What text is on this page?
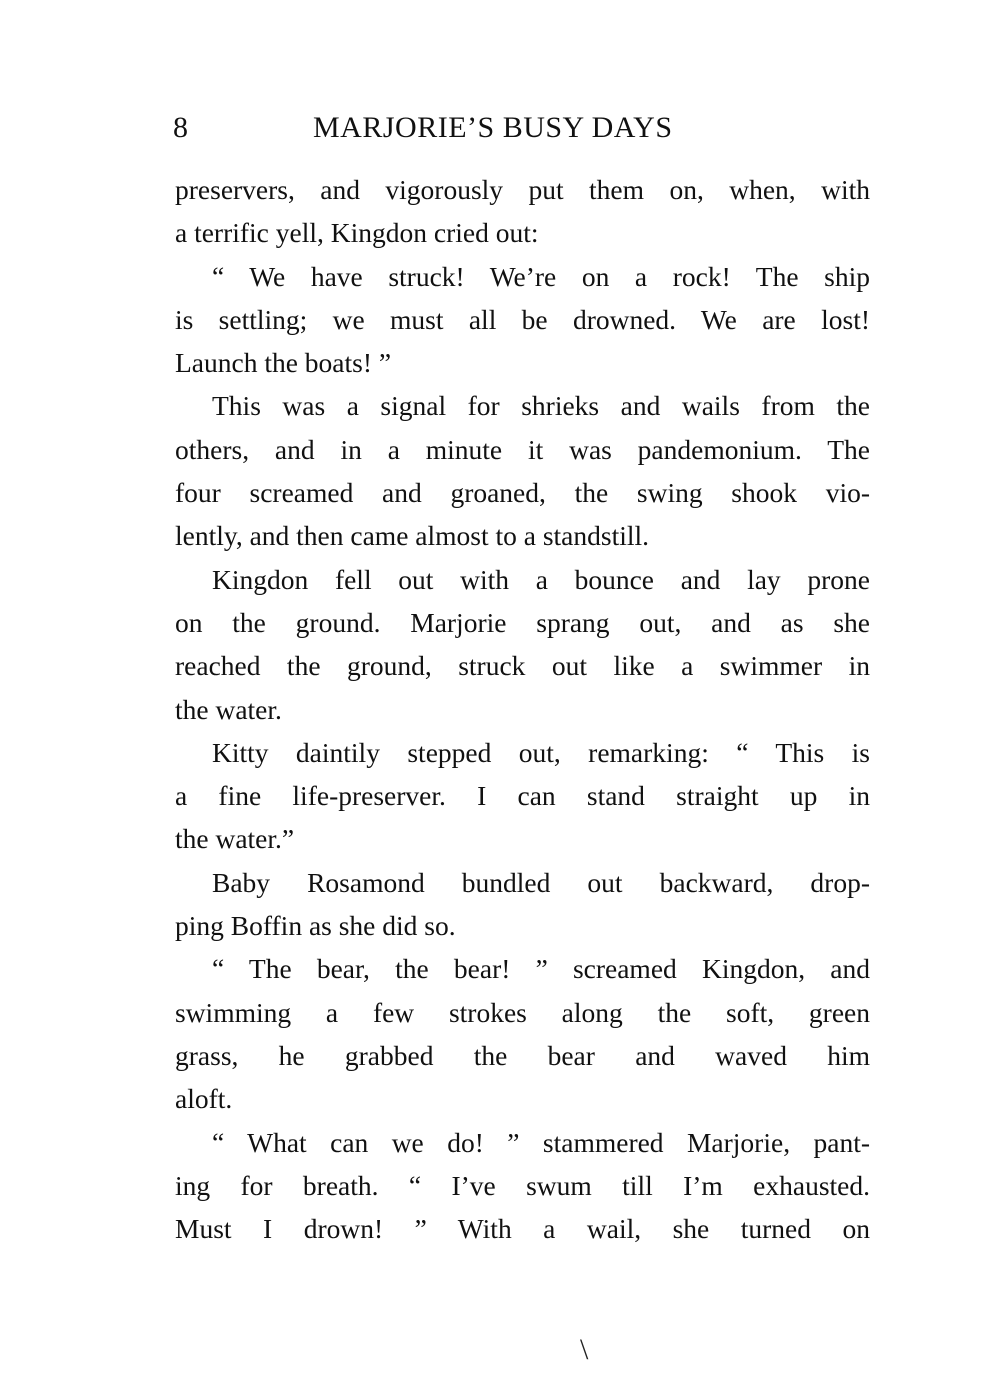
8	MARJORIE’S BUSY DAYS

preservers, and vigorously put them on, when, with
a terrific yell, Kingdon cried out:

“ We have struck! We’re on a rock! The ship
is settling; we must all be drowned. We are lost!
Launch the boats! ”

This was a signal for shrieks and wails from the
others, and in a minute it was pandemonium. The
four screamed and groaned, the swing shook vio-
lently, and then came almost to a standstill.

Kingdon fell out with a bounce and lay prone
on the ground. Marjorie sprang out, and as she
reached the ground, struck out like a swimmer in
the water.

Kitty daintily stepped out, remarking: “ This is
a fine life-preserver. I can stand straight up in
the water.”

Baby Rosamond bundled out backward, drop-
ping Boffin as she did so.

“ The bear, the bear! ” screamed Kingdon, and
swimming a few strokes along the soft, green
grass, he grabbed the bear and waved him
aloft.

“ What can we do! ” stammered Marjorie, pant-
ing for breath. “ I’ve swum till I’m exhausted.
Must I drown! ” With a wail, she turned on

\
